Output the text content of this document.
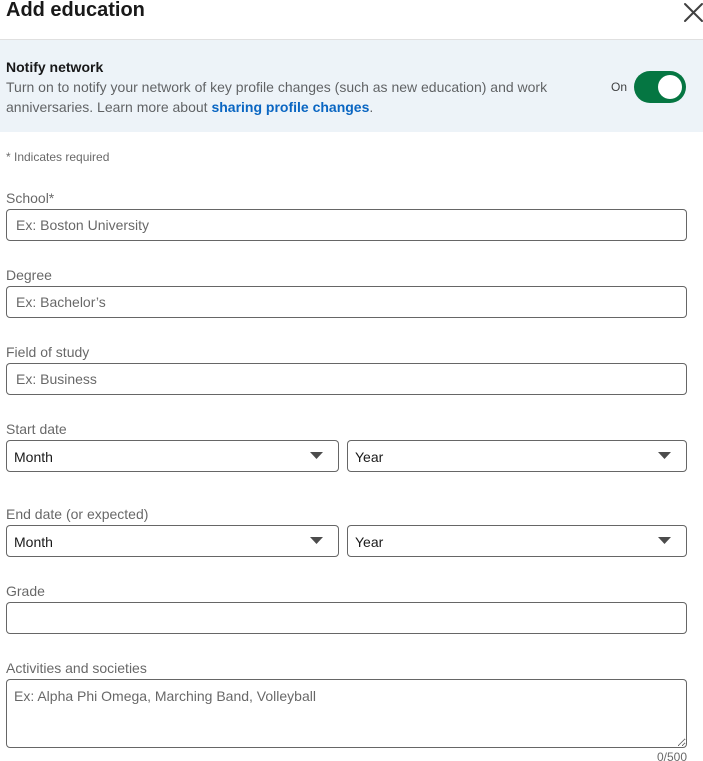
Add education
Notify network
Turn on to notify your network of key profile changes (such as new education) and work anniversaries. Learn more about sharing profile changes.
On
* Indicates required
School*
Ex: Boston University
Degree
Ex: Bachelor’s
Field of study
Ex: Business
Start date
Month	Year
End date (or expected)
Month	Year
Grade
Activities and societies
Ex: Alpha Phi Omega, Marching Band, Volleyball
0/500
